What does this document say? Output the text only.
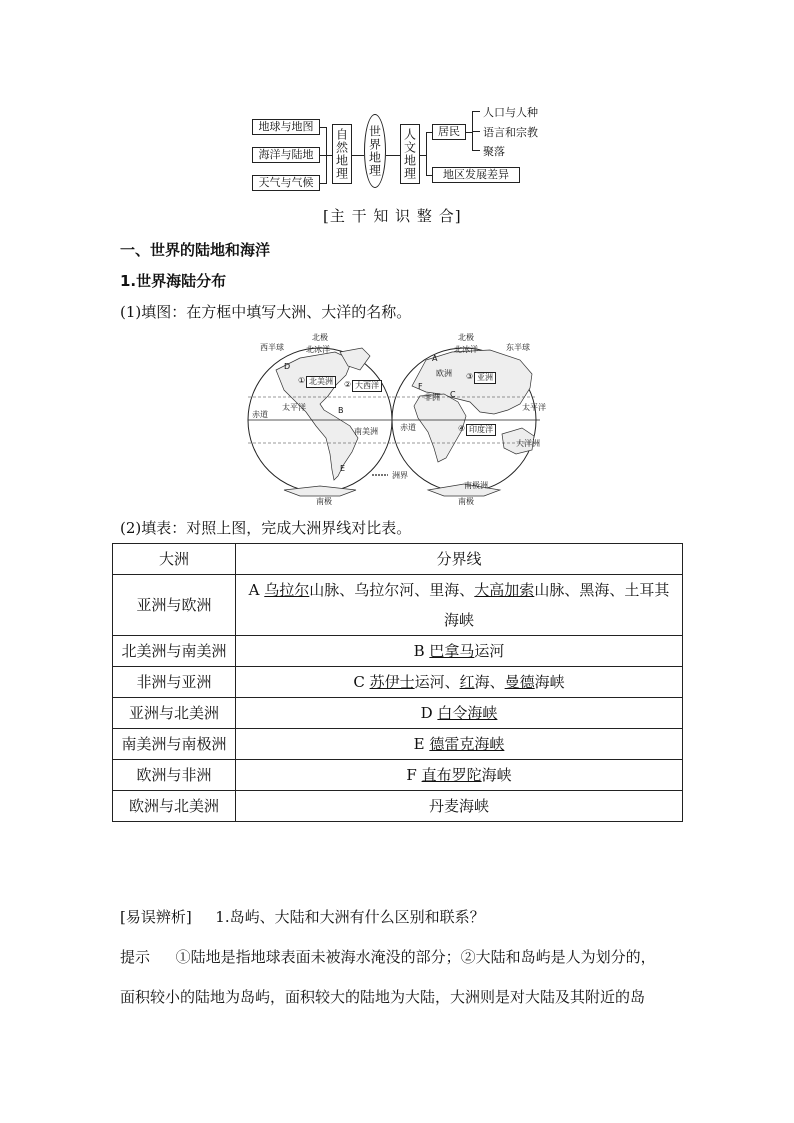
地球与地图
海洋与陆地
天气与气候
自然地理 世界地理 人文地理	居民
地区发展差异
人口与人种
语言和宗教
聚落
[主 干 知 识 整 合]
一、世界的陆地和海洋
1.世界海陆分布
(1)填图：在方框中填写大洲、大洋的名称。
北极	北极
西半球	东半球
北冰洋	北冰洋
北美洲	大西洋
亚洲
印度洋
①	②
③
④
D
B
E
A
F
C
欧洲
非洲
太平洋	太平洋
赤道
赤道
南美洲
大洋洲
南极洲
洲界
南极	南极
(2)填表：对照上图，完成大洲界线对比表。
大洲	分界线
亚洲与欧洲	A 乌拉尔山脉、乌拉尔河、里海、大高加索山脉、黑海、土耳其海峡
北美洲与南美洲	B 巴拿马运河
非洲与亚洲	C 苏伊士运河、红海、曼德海峡
亚洲与北美洲	D 白令海峡
南美洲与南极洲	E 德雷克海峡
欧洲与非洲	F 直布罗陀海峡
欧洲与北美洲	丹麦海峡
[易误辨析] 1.岛屿、大陆和大洲有什么区别和联系？
提示 ①陆地是指地球表面未被海水淹没的部分；②大陆和岛屿是人为划分的，
面积较小的陆地为岛屿，面积较大的陆地为大陆，大洲则是对大陆及其附近的岛
